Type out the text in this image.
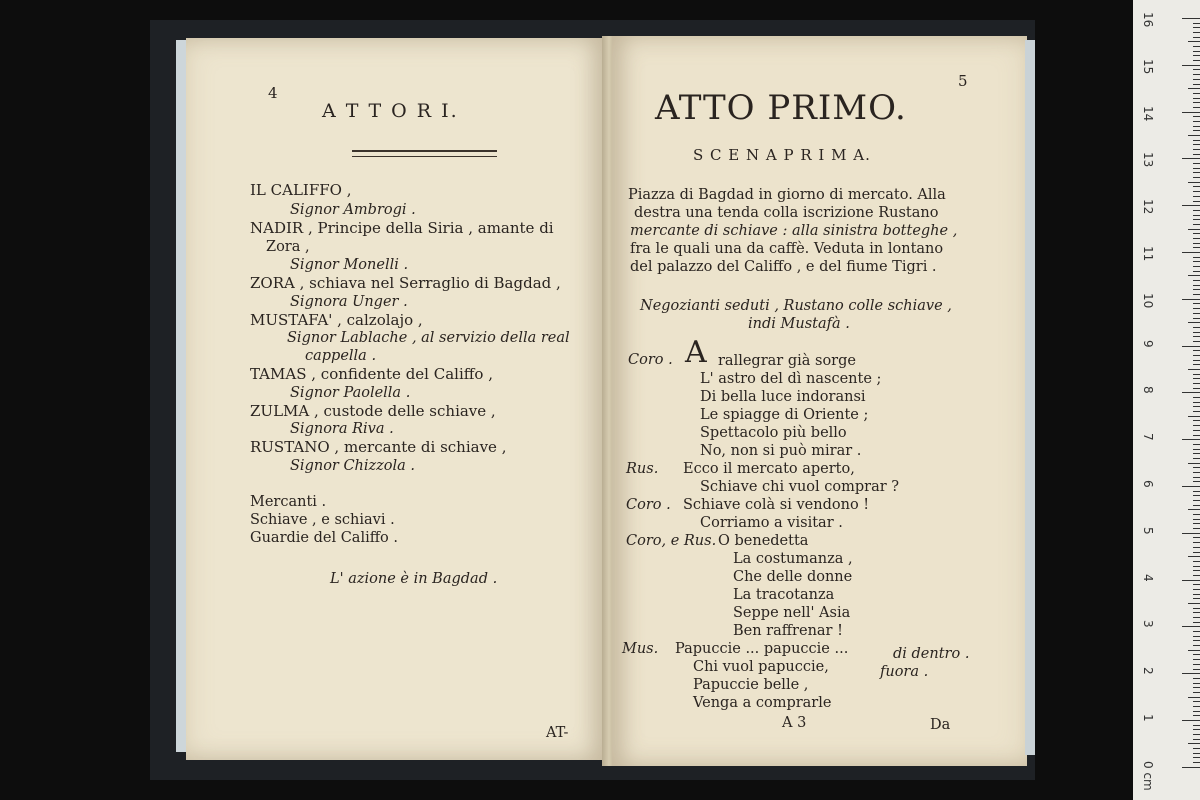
4
A T T O R I.
IL CALIFFO ,
Signor Ambrogi .
NADIR , Principe della Siria , amante di
Zora ,
Signor Monelli .
ZORA , schiava nel Serraglio di Bagdad ,
Signora Unger .
MUSTAFA' , calzolajo ,
Signor Lablache , al servizio della real
cappella .
TAMAS , confidente del Califfo ,
Signor Paolella .
ZULMA , custode delle schiave ,
Signora Riva .
RUSTANO , mercante di schiave ,
Signor Chizzola .
Mercanti .
Schiave , e schiavi .
Guardie del Califfo .
L' azione è in Bagdad .
AT-
5
ATTO PRIMO.
S C E N A P R I M A.
Piazza di Bagdad in giorno di mercato. Alla
destra una tenda colla iscrizione Rustano
mercante di schiave : alla sinistra botteghe ,
fra le quali una da caffè. Veduta in lontano
del palazzo del Califfo , e del fiume Tigri .
Negozianti seduti , Rustano colle schiave ,
indi Mustafà .
Coro . A rallegrar già sorge
L' astro del dì nascente ;
Di bella luce indoransi
Le spiagge di Oriente ;
Spettacolo più bello
No, non si può mirar .
Rus. Ecco il mercato aperto,
Schiave chi vuol comprar ?
Coro . Schiave colà si vendono !
Corriamo a visitar .
Coro, e Rus. O benedetta
La costumanza ,
Che delle donne
La tracotanza
Seppe nell' Asia
Ben raffrenar !
Mus. Papuccie ... papuccie ...	di dentro .
Chi vuol papuccie,	fuora .
Papuccie belle ,
Venga a comprarle
A 3	Da
16
15
14
13
12
11
10
9
8
7
6
5
4
3
2
1
0 cm
